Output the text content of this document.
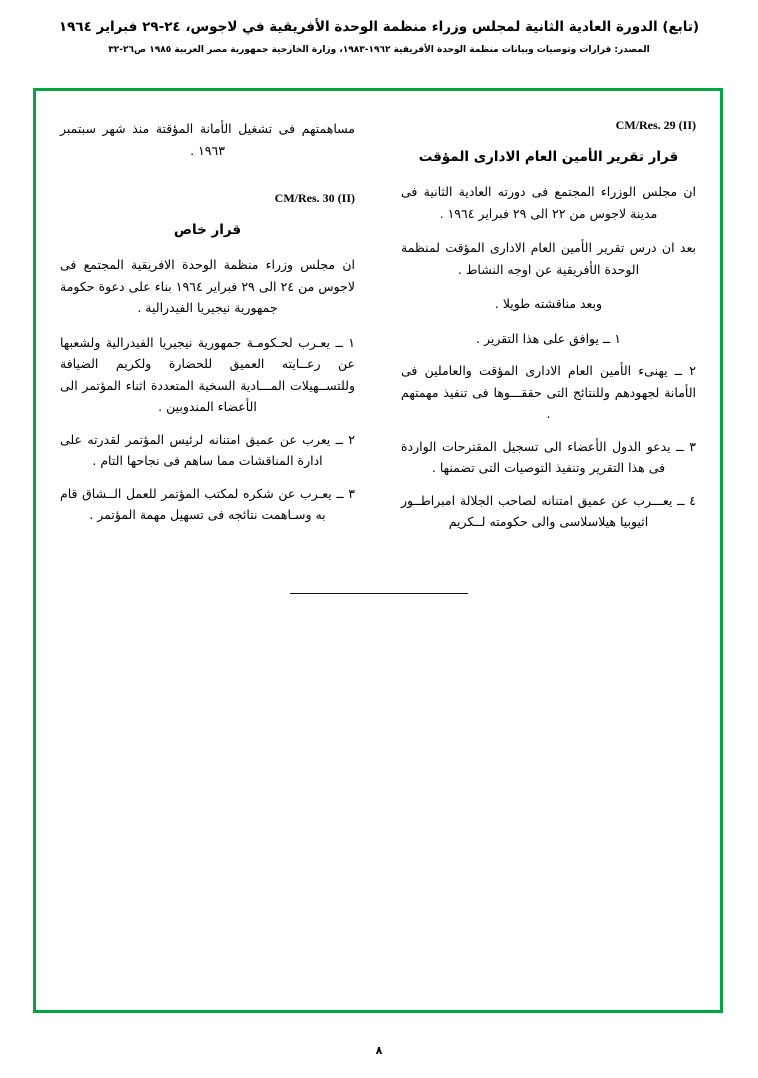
(تابع) الدورة العادية الثانية لمجلس وزراء منظمة الوحدة الأفريقية في لاجوس، ٢٤-٢٩ فبراير ١٩٦٤
المصدر: قرارات وتوصيات وبيانات منظمة الوحدة الأفريقية ١٩٦٢-١٩٨٣، وزارة الخارجية جمهورية مصر العربية ١٩٨٥ ص٢٦-٣٢
CM/Res. 29 (II)
قرار تقرير الأمين العام الادارى المؤقت

ان مجلس الوزراء المجتمع فى دورته العادية الثانية فى مدينة لاجوس من ٢٢ الى ٢٩ فبراير ١٩٦٤ .

بعد ان درس تقرير الأمين العام الادارى المؤقت لمنظمة الوحدة الأفريقية عن اوجه النشاط .

وبعد مناقشته طويلا .

١ ــ يوافق على هذا التقرير .

٢ ــ يهنىء الأمين العام الادارى المؤقت والعاملين فى الأمانة لجهودهم وللنتائج التى حققـــوها فى تنفيذ مهمتهم .

٣ ــ يدعو الدول الأعضاء الى تسجيل المقترحات الواردة فى هذا التقرير وتنفيذ التوصيات التى تضمنها .

٤ ــ يعـــرب عن عميق امتنانه لصاحب الجلالة امبراطــور اثيوبيا هيلاسلاسى والى حكومته لــكريم

مساهمتهم فى تشغيل الأمانة المؤقتة منذ شهر سبتمبر ١٩٦٣ .

CM/Res. 30 (II)
قرار خاص

ان مجلس وزراء منظمة الوحدة الافريقية المجتمع فى لاجوس من ٢٤ الى ٢٩ فبراير ١٩٦٤ بناء على دعوة حكومة جمهورية نيجيريا الفيدرالية .

١ ــ يعـرب لحـكومـة جمهورية نيجيريا الفيدرالية ولشعبها عن رعــايته العميق للحضارة ولكريم الضيافة وللتســهيلات المـــادية السخية المتعددة اثناء المؤتمر الى الأعضاء المندوبين .

٢ ــ يعرب عن عميق امتنانه لرئيس المؤتمر لقدرته على ادارة المناقشات مما ساهم فى نجاحها التام .

٣ ــ يعـرب عن شكره لمكتب المؤتمر للعمل الــشاق قام به وسـاهمت نتائجه فى تسهيل مهمة المؤتمر .

٨
